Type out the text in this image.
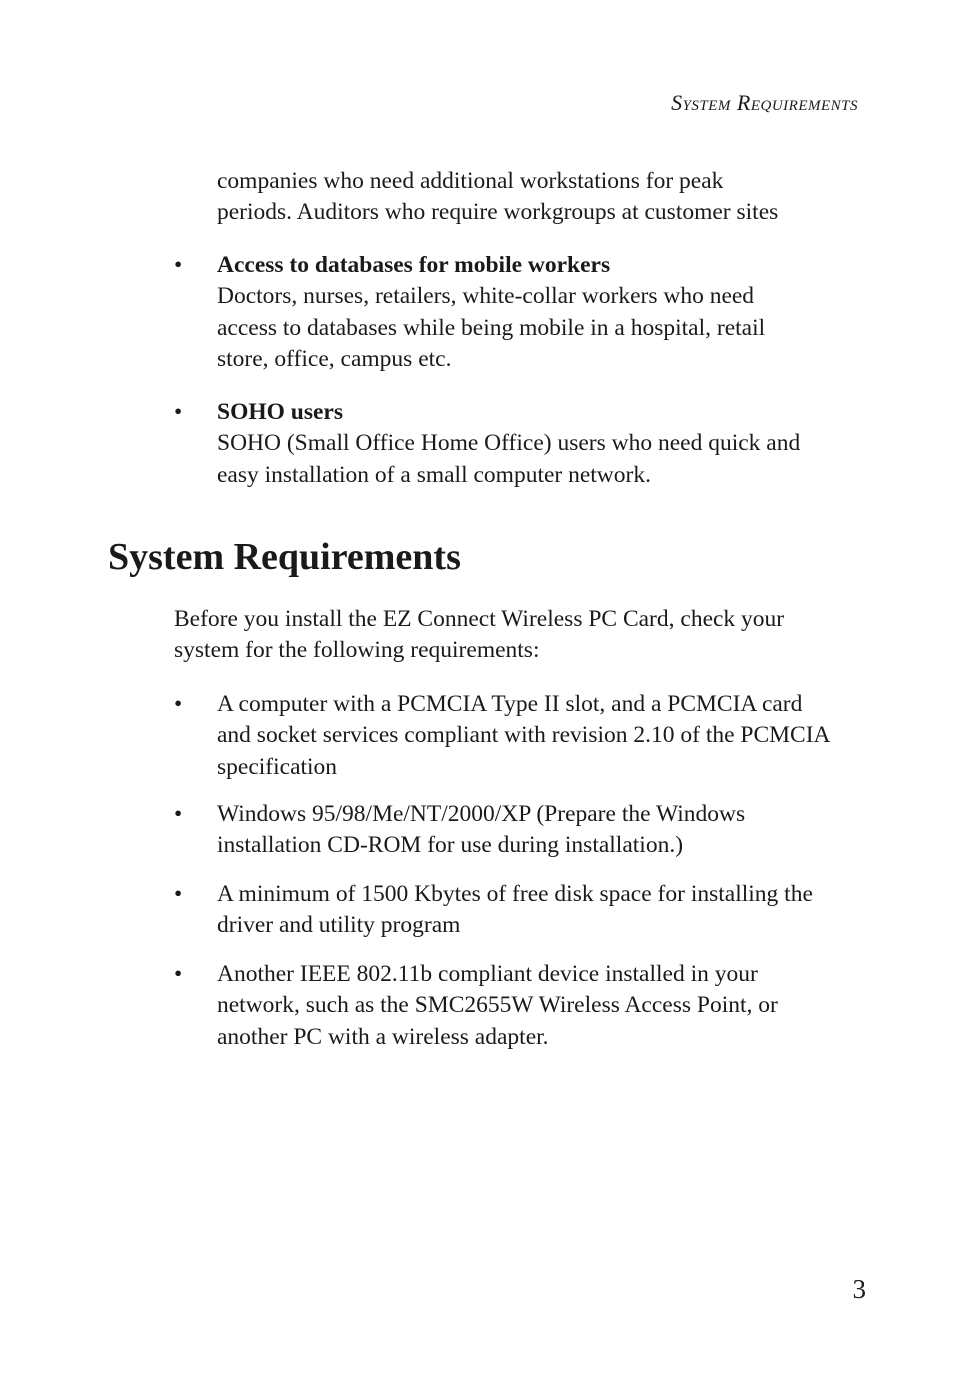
System Requirements
companies who need additional workstations for peak
periods. Auditors who require workgroups at customer sites
• Access to databases for mobile workers
Doctors, nurses, retailers, white-collar workers who need
access to databases while being mobile in a hospital, retail
store, office, campus etc.
• SOHO users
SOHO (Small Office Home Office) users who need quick and
easy installation of a small computer network.
System Requirements
Before you install the EZ Connect Wireless PC Card, check your
system for the following requirements:
• A computer with a PCMCIA Type II slot, and a PCMCIA card
and socket services compliant with revision 2.10 of the PCMCIA
specification
• Windows 95/98/Me/NT/2000/XP (Prepare the Windows
installation CD-ROM for use during installation.)
• A minimum of 1500 Kbytes of free disk space for installing the
driver and utility program
• Another IEEE 802.11b compliant device installed in your
network, such as the SMC2655W Wireless Access Point, or
another PC with a wireless adapter.
3
